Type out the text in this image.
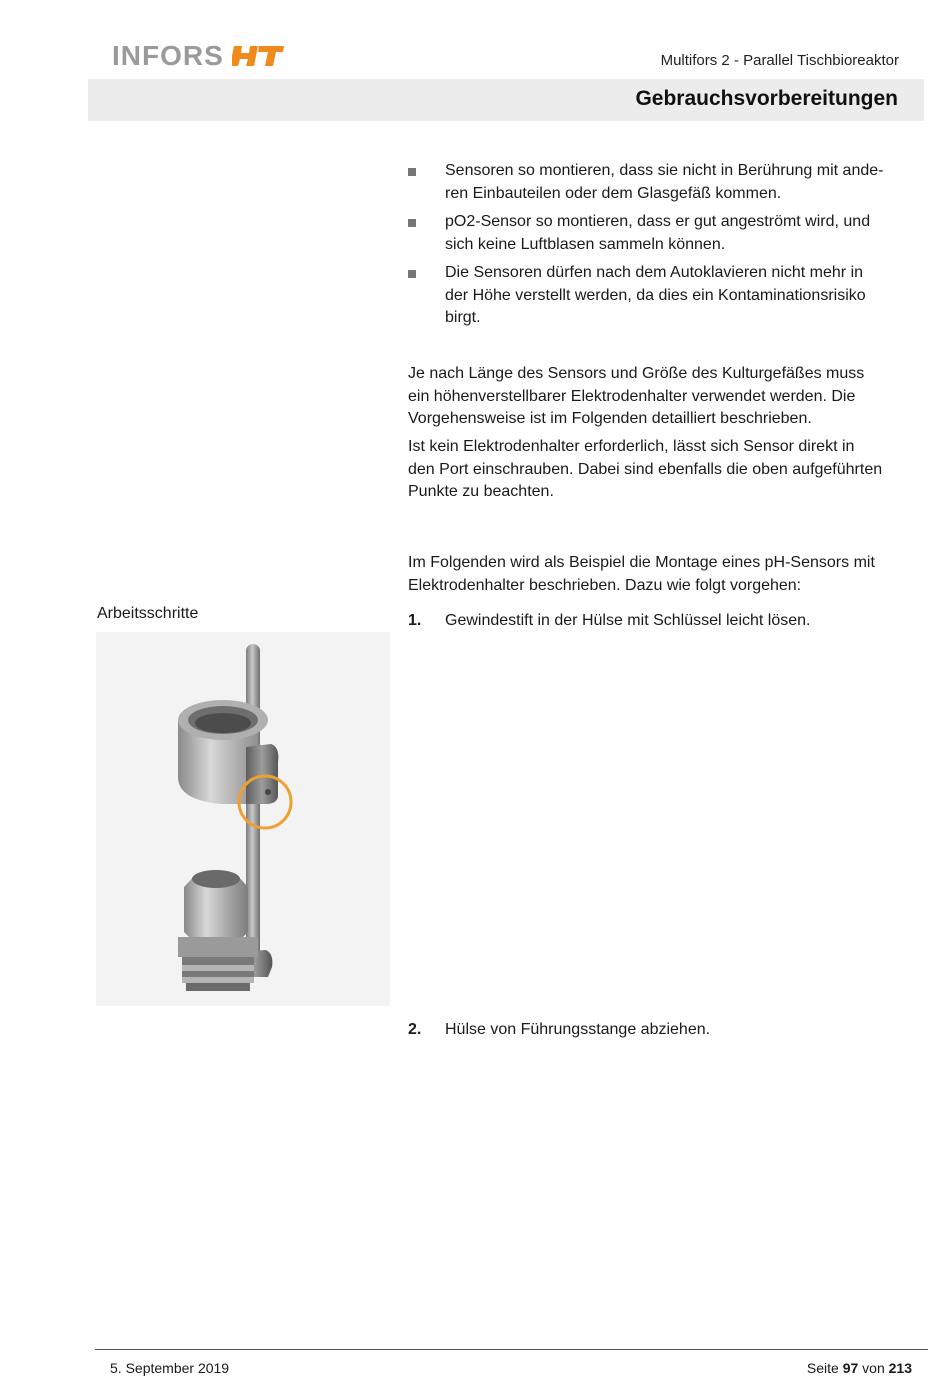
INFORS	Multifors 2 - Parallel Tischbioreaktor
Gebrauchsvorbereitungen
Sensoren so montieren, dass sie nicht in Berührung mit ande-
ren Einbauteilen oder dem Glasgefäß kommen.
pO2-Sensor so montieren, dass er gut angeströmt wird, und
sich keine Luftblasen sammeln können.
Die Sensoren dürfen nach dem Autoklavieren nicht mehr in
der Höhe verstellt werden, da dies ein Kontaminationsrisiko
birgt.

Je nach Länge des Sensors und Größe des Kulturgefäßes muss
ein höhenverstellbarer Elektrodenhalter verwendet werden. Die
Vorgehensweise ist im Folgenden detailliert beschrieben.

Ist kein Elektrodenhalter erforderlich, lässt sich Sensor direkt in
den Port einschrauben. Dabei sind ebenfalls die oben aufgeführten
Punkte zu beachten.

Im Folgenden wird als Beispiel die Montage eines pH-Sensors mit
Elektrodenhalter beschrieben. Dazu wie folgt vorgehen:

Arbeitsschritte	1. Gewindestift in der Hülse mit Schlüssel leicht lösen.
2. Hülse von Führungsstange abziehen.
5. September 2019	Seite 97 von 213
